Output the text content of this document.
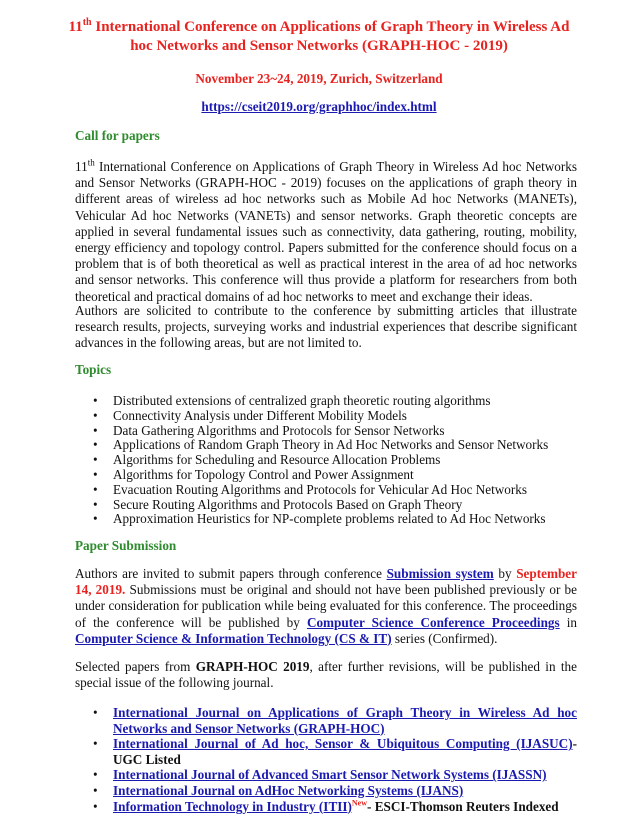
11th International Conference on Applications of Graph Theory in Wireless Ad hoc Networks and Sensor Networks (GRAPH-HOC - 2019)
November 23~24, 2019, Zurich, Switzerland
https://cseit2019.org/graphhoc/index.html
Call for papers
11th International Conference on Applications of Graph Theory in Wireless Ad hoc Networks and Sensor Networks (GRAPH-HOC - 2019) focuses on the applications of graph theory in different areas of wireless ad hoc networks such as Mobile Ad hoc Networks (MANETs), Vehicular Ad hoc Networks (VANETs) and sensor networks. Graph theoretic concepts are applied in several fundamental issues such as connectivity, data gathering, routing, mobility, energy efficiency and topology control. Papers submitted for the conference should focus on a problem that is of both theoretical as well as practical interest in the area of ad hoc networks and sensor networks. This conference will thus provide a platform for researchers from both theoretical and practical domains of ad hoc networks to meet and exchange their ideas.
Authors are solicited to contribute to the conference by submitting articles that illustrate research results, projects, surveying works and industrial experiences that describe significant advances in the following areas, but are not limited to.
Topics
• Distributed extensions of centralized graph theoretic routing algorithms
• Connectivity Analysis under Different Mobility Models
• Data Gathering Algorithms and Protocols for Sensor Networks
• Applications of Random Graph Theory in Ad Hoc Networks and Sensor Networks
• Algorithms for Scheduling and Resource Allocation Problems
• Algorithms for Topology Control and Power Assignment
• Evacuation Routing Algorithms and Protocols for Vehicular Ad Hoc Networks
• Secure Routing Algorithms and Protocols Based on Graph Theory
• Approximation Heuristics for NP-complete problems related to Ad Hoc Networks
Paper Submission
Authors are invited to submit papers through conference Submission system by September 14, 2019. Submissions must be original and should not have been published previously or be under consideration for publication while being evaluated for this conference. The proceedings of the conference will be published by Computer Science Conference Proceedings in Computer Science & Information Technology (CS & IT) series (Confirmed).
Selected papers from GRAPH-HOC 2019, after further revisions, will be published in the special issue of the following journal.
• International Journal on Applications of Graph Theory in Wireless Ad hoc Networks and Sensor Networks (GRAPH-HOC)
• International Journal of Ad hoc, Sensor & Ubiquitous Computing (IJASUC)- UGC Listed
• International Journal of Advanced Smart Sensor Network Systems (IJASSN)
• International Journal on AdHoc Networking Systems (IJANS)
• Information Technology in Industry (ITII)$^{New}$- ESCI-Thomson Reuters Indexed
